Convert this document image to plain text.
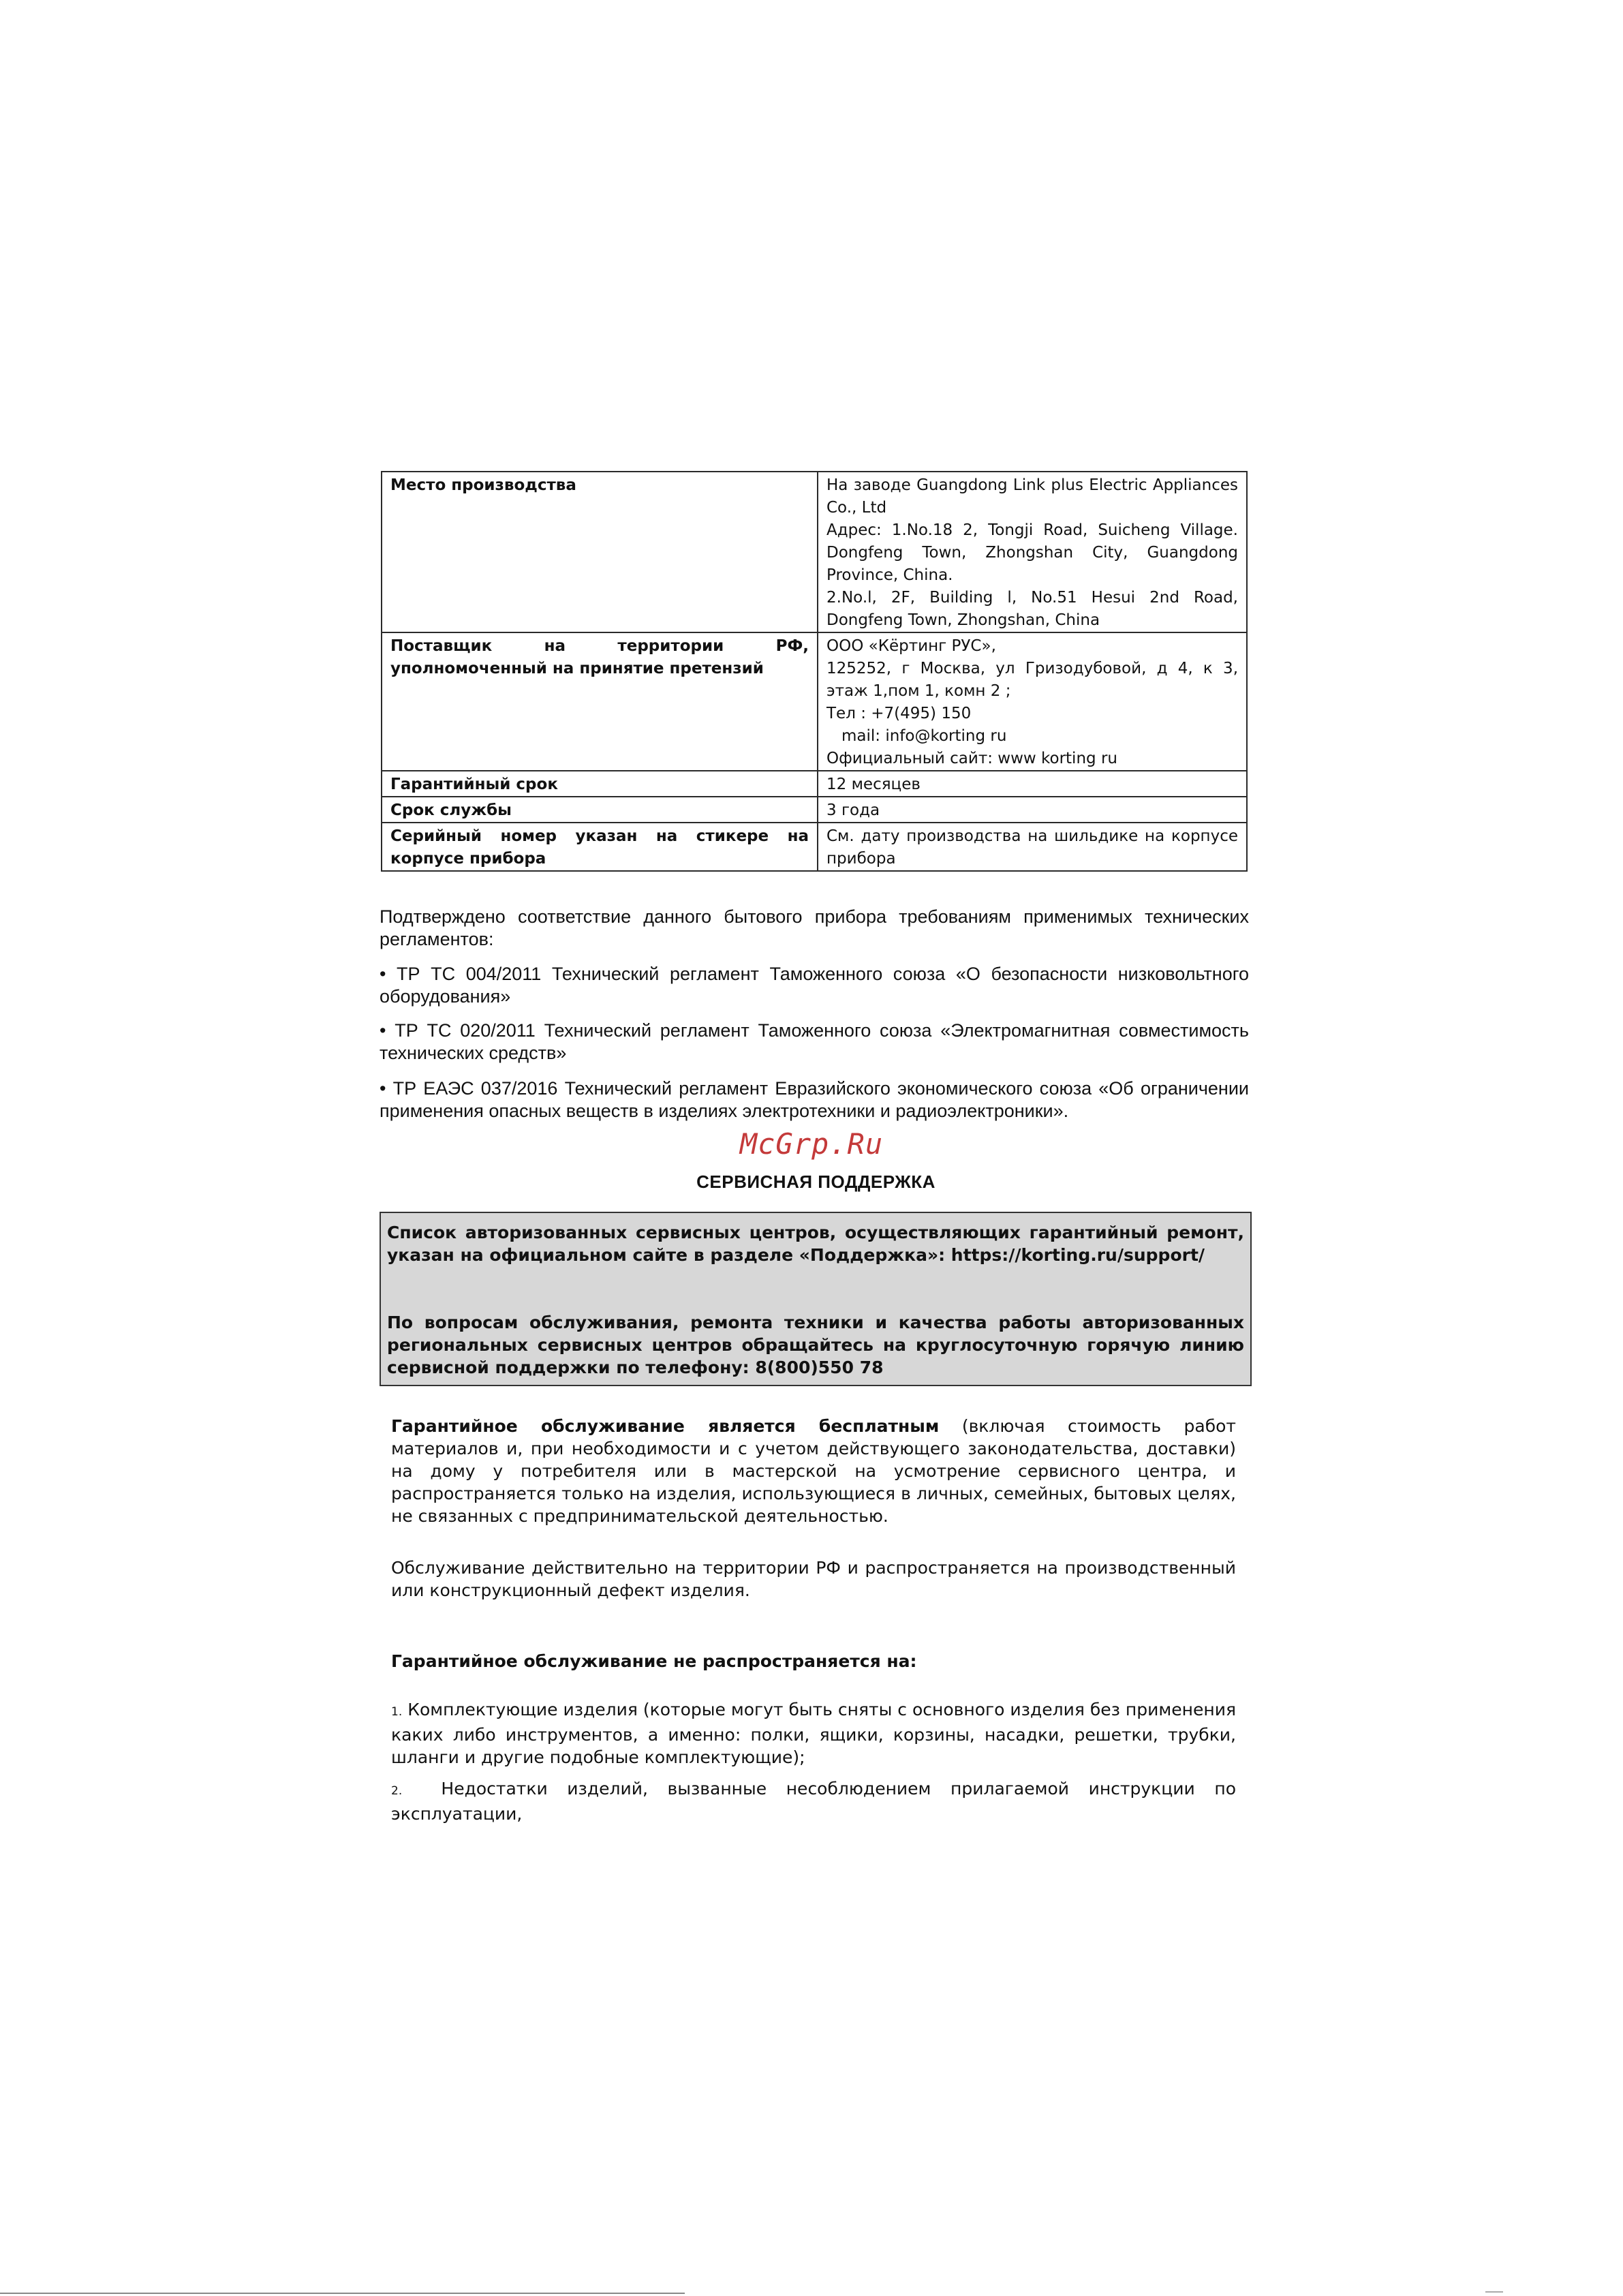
Место производства	На заводе Guangdong Link plus Electric Appliances Co., Ltd
Адрес: 1.No.18 2, Tongji Road, Suicheng Village. Dongfeng Town, Zhongshan City, Guangdong Province, China.
2.No.l, 2F, Building l, No.51 Hesui 2nd Road, Dongfeng Town, Zhongshan, China

Поставщик на территории РФ, уполномоченный на принятие претензий	ООО «Кёртинг РУС»,
125252, г Москва, ул Гризодубовой, д 4, к 3, этаж 1,пом 1, комн 2 ;
Тел : +7(495) 150
mail: info@korting ru
Официальный сайт: www korting ru

Гарантийный срок	12 месяцев
Срок службы	3 года
Серийный номер указан на стикере на корпусе прибора	См. дату производства на шильдике на корпусе прибора

Подтверждено соответствие данного бытового прибора требованиям применимых технических регламентов:

• ТР ТС 004/2011 Технический регламент Таможенного союза «О безопасности низковольтного оборудования»

• ТР ТС 020/2011 Технический регламент Таможенного союза «Электромагнитная совместимость технических средств»

• ТР ЕАЭС 037/2016 Технический регламент Евразийского экономического союза «Об ограничении применения опасных веществ в изделиях электротехники и радиоэлектроники».

McGrp.Ru
СЕРВИСНАЯ ПОДДЕРЖКА

Список авторизованных сервисных центров, осуществляющих гарантийный ремонт, указан на официальном сайте в разделе «Поддержка»: https://korting.ru/support/

По вопросам обслуживания, ремонта техники и качества работы авторизованных региональных сервисных центров обращайтесь на круглосуточную горячую линию сервисной поддержки по телефону: 8(800)550 78

Гарантийное обслуживание является бесплатным (включая стоимость работ материалов и, при необходимости и с учетом действующего законодательства, доставки) на дому у потребителя или в мастерской на усмотрение сервисного центра, и распространяется только на изделия, использующиеся в личных, семейных, бытовых целях, не связанных с предпринимательской деятельностью.

Обслуживание действительно на территории РФ и распространяется на производственный или конструкционный дефект изделия.

Гарантийное обслуживание не распространяется на:

1. Комплектующие изделия (которые могут быть сняты с основного изделия без применения каких либо инструментов, а именно: полки, ящики, корзины, насадки, решетки, трубки, шланги и другие подобные комплектующие);

2. Недостатки изделий, вызванные несоблюдением прилагаемой инструкции по эксплуатации,
